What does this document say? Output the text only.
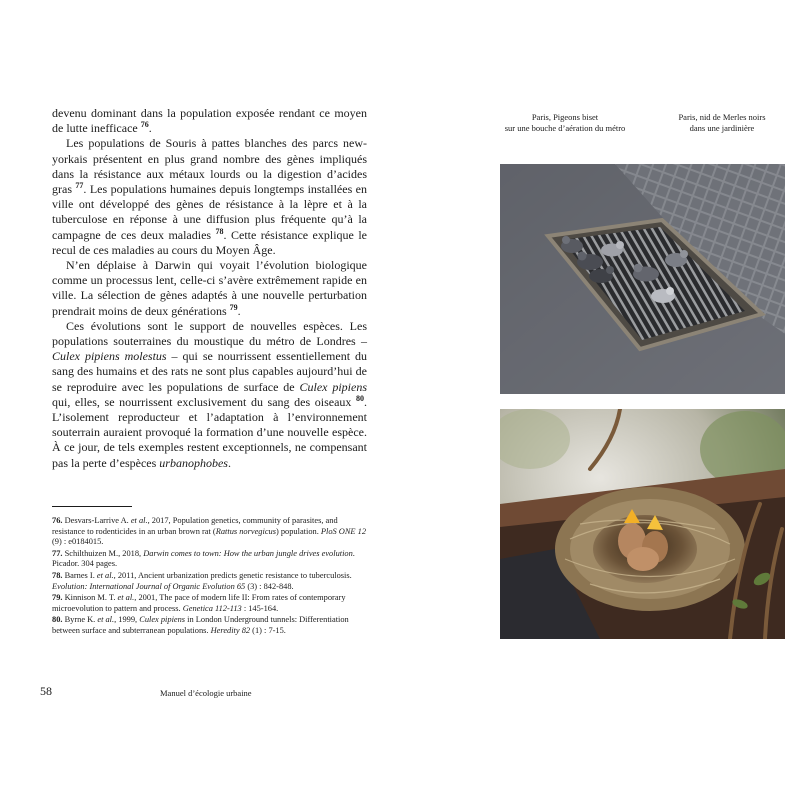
devenu dominant dans la population exposée rendant ce moyen de lutte inefficace $^{76}$.

Les populations de Souris à pattes blanches des parcs new-yorkais présentent en plus grand nombre des gènes impliqués dans la résistance aux métaux lourds ou la digestion d’acides gras $^{77}$. Les populations humaines depuis longtemps installées en ville ont développé des gènes de résistance à la lèpre et à la tuberculose en réponse à une diffusion plus fréquente qu’à la campagne de ces deux maladies $^{78}$. Cette résistance explique le recul de ces maladies au cours du Moyen Âge.

N’en déplaise à Darwin qui voyait l’évolution biologique comme un processus lent, celle-ci s’avère extrêmement rapide en ville. La sélection de gènes adaptés à une nouvelle perturbation prendrait moins de deux générations $^{79}$.

Ces évolutions sont le support de nouvelles espèces. Les populations souterraines du moustique du métro de Londres – Culex pipiens molestus – qui se nourrissent essentiellement du sang des humains et des rats ne sont plus capables aujourd’hui de se reproduire avec les populations de surface de Culex pipiens qui, elles, se nourrissent exclusivement du sang des oiseaux $^{80}$. L’isolement reproducteur et l’adaptation à l’environnement souterrain auraient provoqué la formation d’une nouvelle espèce. À ce jour, de tels exemples restent exceptionnels, ne compensant pas la perte d’espèces urbanophobes.

76. Desvars-Larrive A. et al., 2017, Population genetics, community of parasites, and resistance to rodenticides in an urban brown rat (Rattus norvegicus) population. PloS ONE 12 (9) : e0184015.

77. Schilthuizen M., 2018, Darwin comes to town: How the urban jungle drives evolution. Picador. 304 pages.

78. Barnes I. et al., 2011, Ancient urbanization predicts genetic resistance to tuberculosis. Evolution: International Journal of Organic Evolution 65 (3) : 842-848.

79. Kinnison M. T. et al., 2001, The pace of modern life II: From rates of contemporary microevolution to pattern and process. Genetica 112-113 : 145-164.

80. Byrne K. et al., 1999, Culex pipiens in London Underground tunnels: Differentiation between surface and subterranean populations. Heredity 82 (1) : 7-15.

58	Manuel d’écologie urbaine
Paris, Pigeons biset
sur une bouche d’aération du métro
Paris, nid de Merles noirs
dans une jardinière
